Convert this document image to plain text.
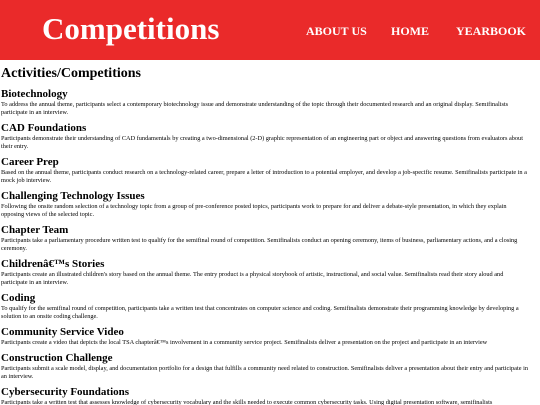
Competitions	ABOUT US HOME YEARBOOK
Activities/Competitions
Biotechnology

To address the annual theme, participants select a contemporary biotechnology issue and demonstrate understanding of the topic through their documented research and an original display. Semifinalists participate in an interview.

CAD Foundations

Participants demonstrate their understanding of CAD fundamentals by creating a two-dimensional (2-D) graphic representation of an engineering part or object and answering questions from evaluators about their entry.

Career Prep

Based on the annual theme, participants conduct research on a technology-related career, prepare a letter of introduction to a potential employer, and develop a job-specific resume. Semifinalists participate in a mock job interview.

Challenging Technology Issues

Following the onsite random selection of a technology topic from a group of pre-conference posted topics, participants work to prepare for and deliver a debate-style presentation, in which they explain opposing views of the selected topic.

Chapter Team

Participants take a parliamentary procedure written test to qualify for the semifinal round of competition. Semifinalists conduct an opening ceremony, items of business, parliamentary actions, and a closing ceremony.

Childrenâ€™s Stories

Participants create an illustrated children's story based on the annual theme. The entry product is a physical storybook of artistic, instructional, and social value. Semifinalists read their story aloud and participate in an interview.

Coding

To qualify for the semifinal round of competition, participants take a written test that concentrates on computer science and coding. Semifinalists demonstrate their programming knowledge by developing a solution to an onsite coding challenge.

Community Service Video

Participants create a video that depicts the local TSA chapterâ€™s involvement in a community service project. Semifinalists deliver a presentation on the project and participate in an interview

Construction Challenge

Participants submit a scale model, display, and documentation portfolio for a design that fulfills a community need related to construction. Semifinalists deliver a presentation about their entry and participate in an interview.

Cybersecurity Foundations

Participants take a written test that assesses knowledge of cybersecurity vocabulary and the skills needed to execute common cybersecurity tasks. Using digital presentation software, semifinalists
